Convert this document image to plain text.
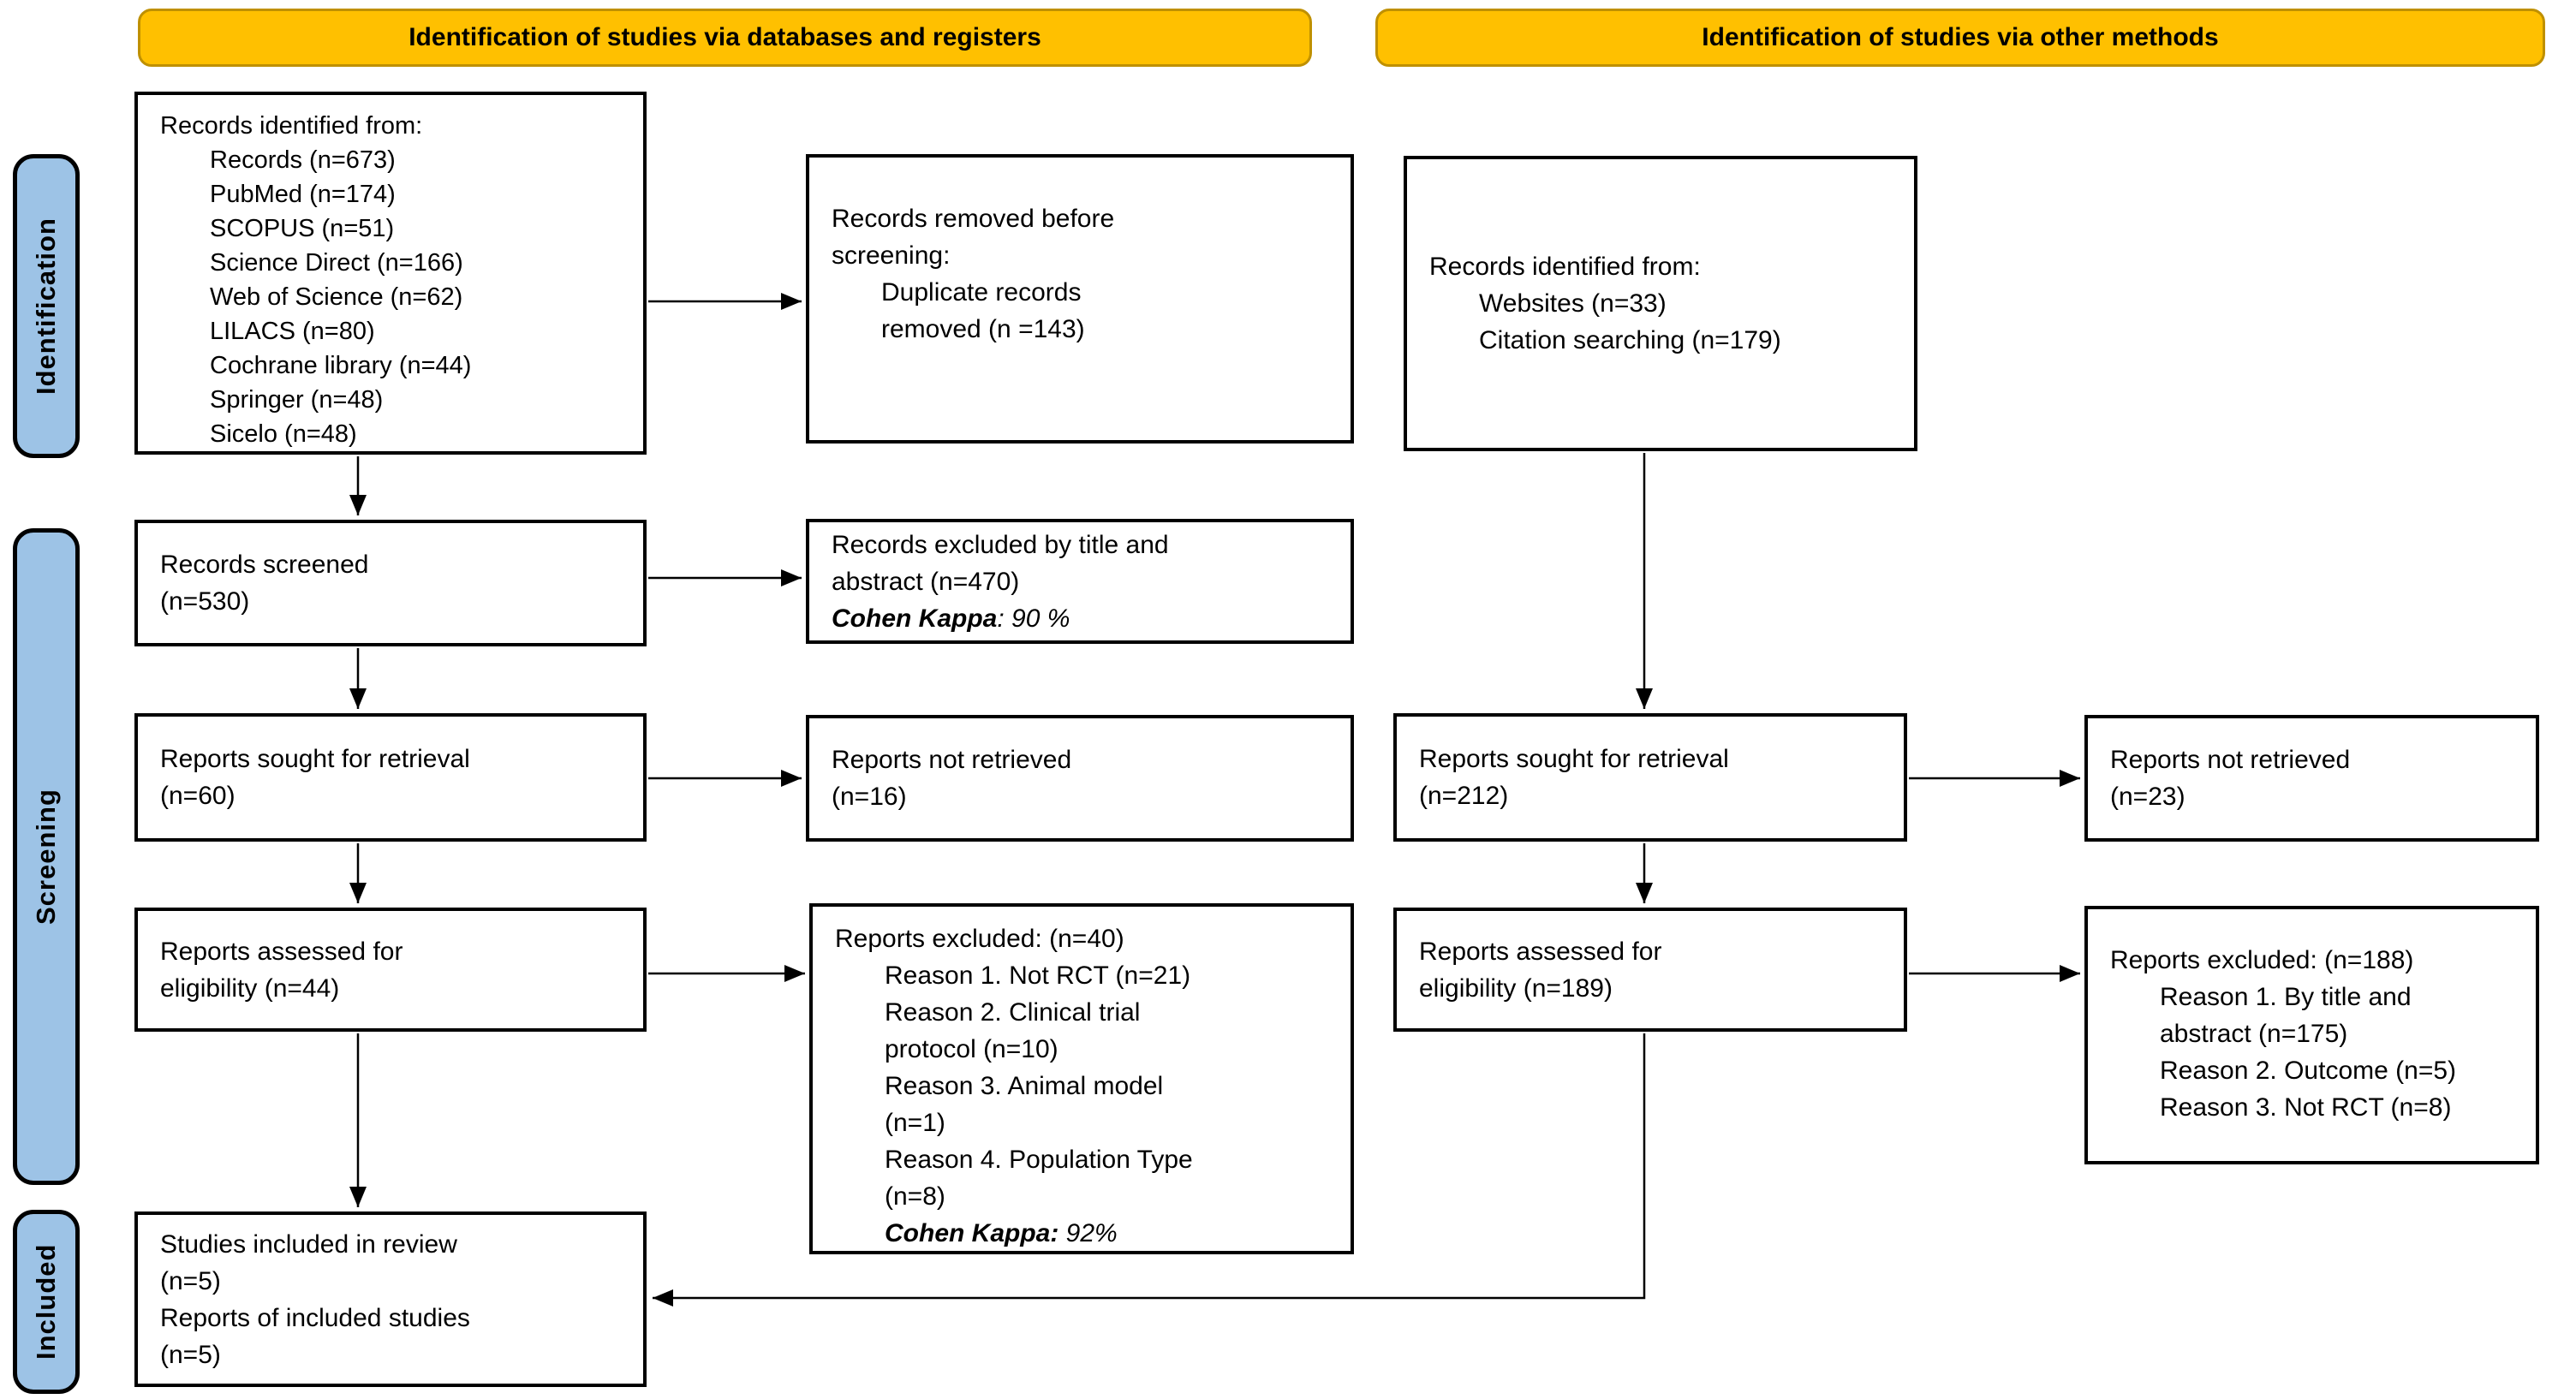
Identification of studies via databases and registers	Identification of studies via other methods
Identification
Screening
Included
Records identified from:
Records (n=673)
PubMed (n=174)
SCOPUS (n=51)
Science Direct (n=166)
Web of Science (n=62)
LILACS (n=80)
Cochrane library (n=44)
Springer (n=48)
Sicelo (n=48)
Records removed before
screening:
Duplicate records
removed (n =143)
Records screened
(n=530)
Records excluded by title and
abstract (n=470)
Cohen Kappa: 90 %
Reports sought for retrieval
(n=60)
Reports not retrieved
(n=16)
Reports assessed for
eligibility (n=44)
Reports excluded: (n=40)
Reason 1. Not RCT (n=21)
Reason 2. Clinical trial
protocol (n=10)
Reason 3. Animal model
(n=1)
Reason 4. Population Type
(n=8)
Cohen Kappa: 92%
Studies included in review
(n=5)
Reports of included studies
(n=5)
Records identified from:
Websites (n=33)
Citation searching (n=179)
Reports sought for retrieval
(n=212)
Reports not retrieved
(n=23)
Reports assessed for
eligibility (n=189)
Reports excluded: (n=188)
Reason 1. By title and
abstract (n=175)
Reason 2. Outcome (n=5)
Reason 3. Not RCT (n=8)
